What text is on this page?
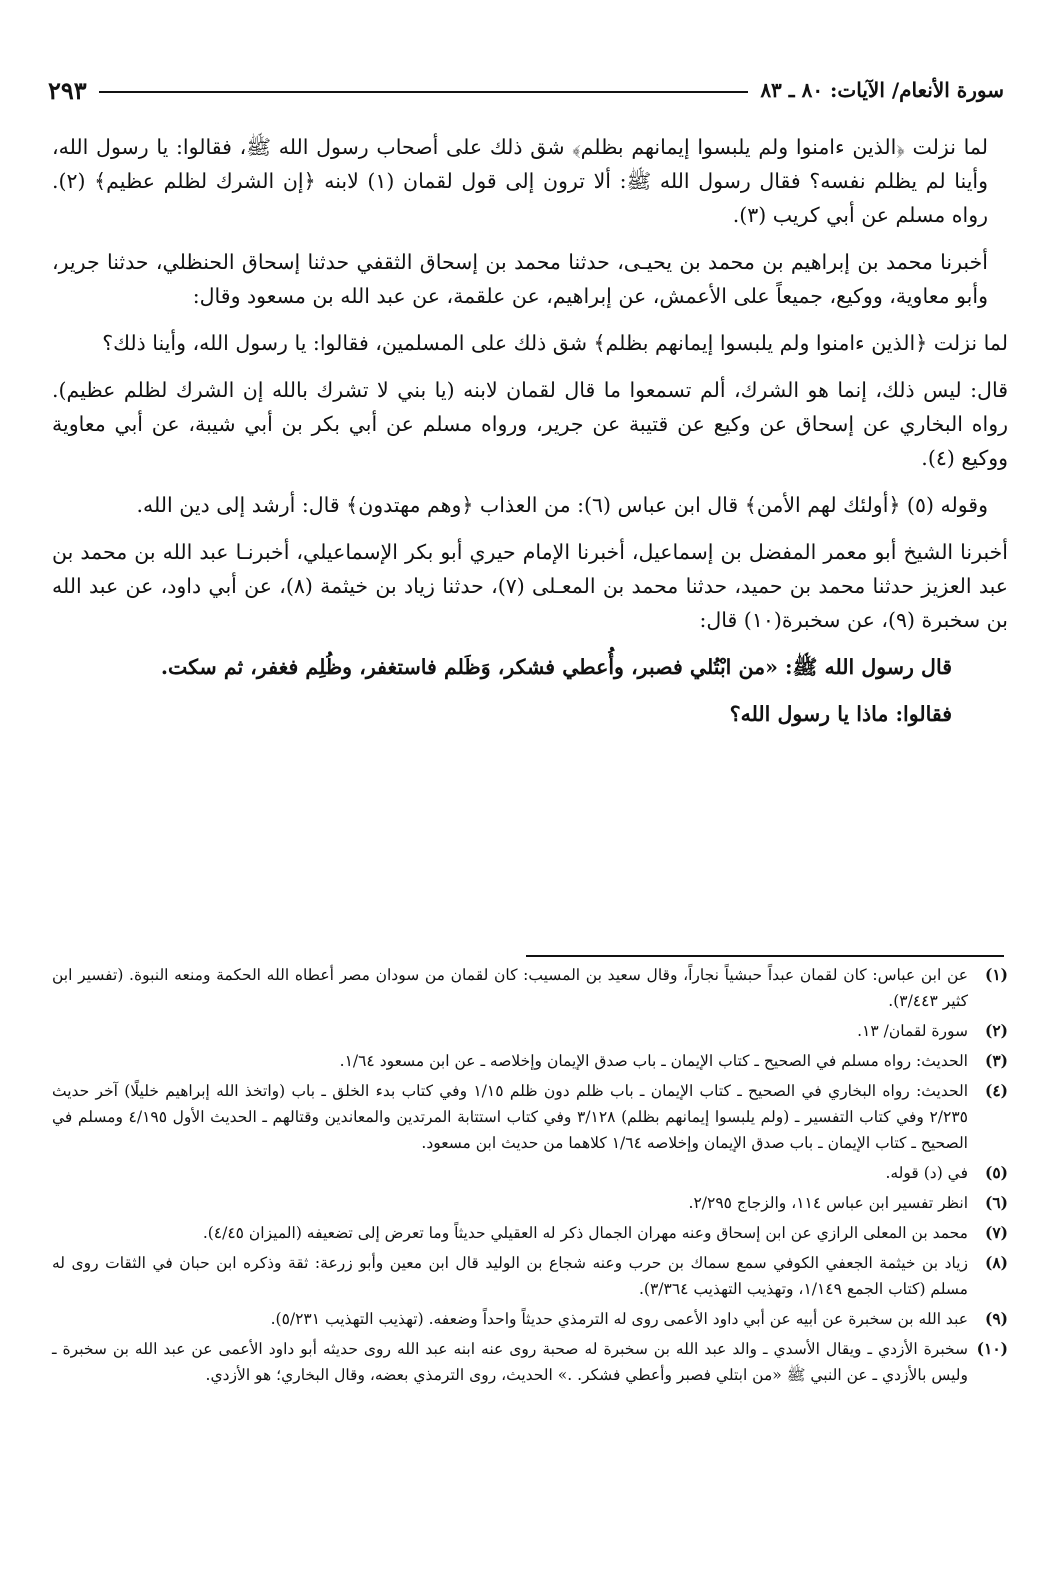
سورة الأنعام/ الآيات: ٨٠ ـ ٨٣
٢٩٣

لما نزلت ﴿الذين ءامنوا ولم يلبسوا إيمانهم بظلم﴾ شق ذلك على أصحاب رسول الله ﷺ، فقالوا: يا رسول الله، وأينا لم يظلم نفسه؟ فقال رسول الله ﷺ: ألا ترون إلى قول لقمان (١) لابنه ﴿إن الشرك لظلم عظيم﴾ (٢). رواه مسلم عن أبي كريب (٣).

أخبرنا محمد بن إبراهيم بن محمد بن يحيـى، حدثنا محمد بن إسحاق الثقفي حدثنا إسحاق الحنظلي، حدثنا جرير، وأبو معاوية، ووكيع، جميعاً على الأعمش، عن إبراهيم، عن علقمة، عن عبد الله بن مسعود وقال:

لما نزلت ﴿الذين ءامنوا ولم يلبسوا إيمانهم بظلم﴾ شق ذلك على المسلمين، فقالوا: يا رسول الله، وأينا ذلك؟

قال: ليس ذلك، إنما هو الشرك، ألم تسمعوا ما قال لقمان لابنه (يا بني لا تشرك بالله إن الشرك لظلم عظيم). رواه البخاري عن إسحاق عن وكيع عن قتيبة عن جرير، ورواه مسلم عن أبي بكر بن أبي شيبة، عن أبي معاوية ووكيع (٤).

وقوله (٥) ﴿أولئك لهم الأمن﴾ قال ابن عباس (٦): من العذاب ﴿وهم مهتدون﴾ قال: أرشد إلى دين الله.

أخبرنا الشيخ أبو معمر المفضل بن إسماعيل، أخبرنا الإمام حيري أبو بكر الإسماعيلي، أخبرنـا عبد الله بن محمد بن عبد العزيز حدثنا محمد بن حميد، حدثنا محمد بن المعـلى (٧)، حدثنا زياد بن خيثمة (٨)، عن أبي داود، عن عبد الله بن سخبرة (٩)، عن سخبرة(١٠) قال:

قال رسول الله ﷺ: «من ابْتُلي فصبر، وأُعطي فشكر، وَظَلم فاستغفر، وظُلِم فغفر، ثم سكت.

فقالوا: ماذا يا رسول الله؟

(١)
عن ابن عباس: كان لقمان عبداً حبشياً نجاراً، وقال سعيد بن المسيب: كان لقمان من سودان مصر أعطاه الله الحكمة ومنعه النبوة. (تفسير ابن كثير ٣/٤٤٣).
(٢)
سورة لقمان/ ١٣.
(٣)
الحديث: رواه مسلم في الصحيح ـ كتاب الإيمان ـ باب صدق الإيمان وإخلاصه ـ عن ابن مسعود ١/٦٤.
(٤)
الحديث: رواه البخاري في الصحيح ـ كتاب الإيمان ـ باب ظلم دون ظلم ١/١٥ وفي كتاب بدء الخلق ـ باب (واتخذ الله إبراهيم خليلًا) آخر حديث ٢/٢٣٥ وفي كتاب التفسير ـ (ولم يلبسوا إيمانهم بظلم) ٣/١٢٨ وفي كتاب استتابة المرتدين والمعاندين وقتالهم ـ الحديث الأول ٤/١٩٥ ومسلم في الصحيح ـ كتاب الإيمان ـ باب صدق الإيمان وإخلاصه ١/٦٤ كلاهما من حديث ابن مسعود.
(٥)
في (د) قوله.
(٦)
انظر تفسير ابن عباس ١١٤، والزجاج ٢/٢٩٥.
(٧)
محمد بن المعلى الرازي عن ابن إسحاق وعنه مهران الجمال ذكر له العقيلي حديثاً وما تعرض إلى تضعيفه (الميزان ٤/٤٥).
(٨)
زياد بن خيثمة الجعفي الكوفي سمع سماك بن حرب وعنه شجاع بن الوليد قال ابن معين وأبو زرعة: ثقة وذكره ابن حبان في الثقات روى له مسلم (كتاب الجمع ١/١٤٩، وتهذيب التهذيب ٣/٣٦٤).
(٩)
عبد الله بن سخبرة عن أبيه عن أبي داود الأعمى روى له الترمذي حديثاً واحداً وضعفه. (تهذيب التهذيب ٥/٢٣١).
(١٠)
سخبرة الأزدي ـ ويقال الأسدي ـ والد عبد الله بن سخبرة له صحبة روى عنه ابنه عبد الله روى حديثه أبو داود الأعمى عن عبد الله بن سخبرة ـ وليس بالأزدي ـ عن النبي ﷺ «من ابتلي فصبر وأعطي فشكر. .» الحديث، روى الترمذي بعضه، وقال البخاري؛ هو الأزدي.
